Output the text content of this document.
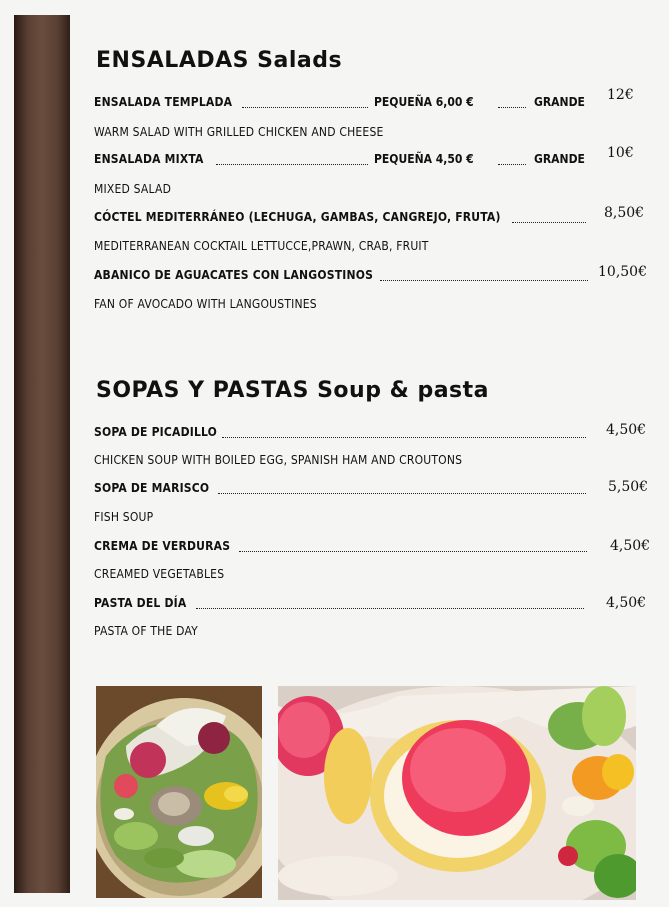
ENSALADAS Salads
ENSALADA TEMPLADA	PEQUEÑA 6,00 €	GRANDE 12€
WARM SALAD WITH GRILLED CHICKEN AND CHEESE
ENSALADA MIXTA	PEQUEÑA 4,50 €	GRANDE 10€
MIXED SALAD
CÓCTEL MEDITERRÁNEO (LECHUGA, GAMBAS, CANGREJO, FRUTA)	8,50€
MEDITERRANEAN COCKTAIL LETTUCCE,PRAWN, CRAB, FRUIT
ABANICO DE AGUACATES CON LANGOSTINOS	10,50€
FAN OF AVOCADO WITH LANGOUSTINES
SOPAS Y PASTAS Soup & pasta
SOPA DE PICADILLO	4,50€
CHICKEN SOUP WITH BOILED EGG, SPANISH HAM AND CROUTONS
SOPA DE MARISCO	5,50€
FISH SOUP
CREMA DE VERDURAS	4,50€
CREAMED VEGETABLES
PASTA DEL DÍA	4,50€
PASTA OF THE DAY
